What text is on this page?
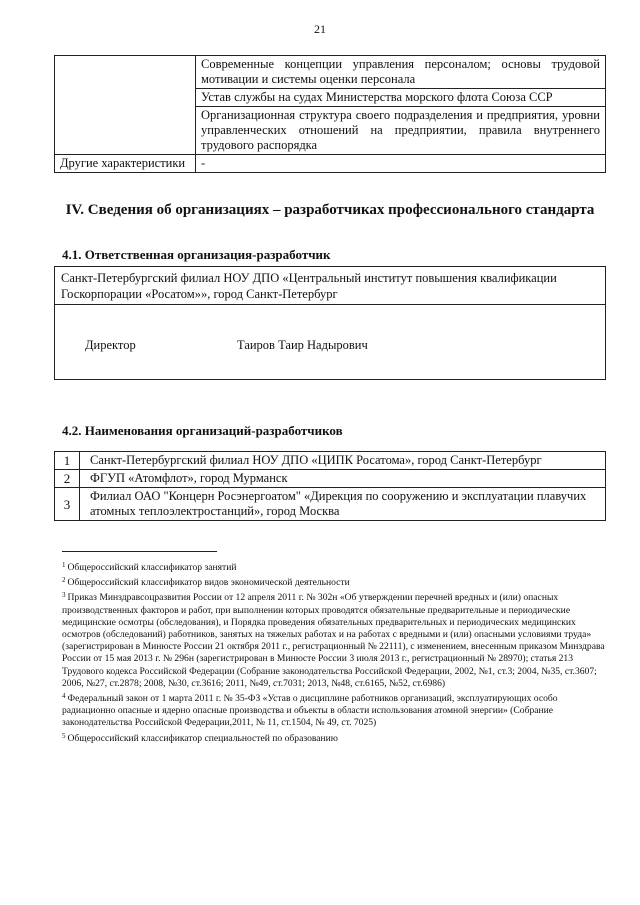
21
	Современные концепции управления персоналом; основы трудовой мотивации и системы оценки персонала
	Устав службы на судах Министерства морского флота Союза ССР
	Организационная структура своего подразделения и предприятия, уровни управленческих отношений на предприятии, правила внутреннего трудового распорядка
Другие характеристики	-
IV. Сведения об организациях – разработчиках профессионального стандарта
4.1. Ответственная организация-разработчик
Санкт-Петербургский филиал НОУ ДПО «Центральный институт повышения квалификации Госкорпорации «Росатом»», город Санкт-Петербург
Директор	Таиров Таир Надырович
4.2. Наименования организаций-разработчиков
1	Санкт-Петербургский филиал НОУ ДПО «ЦИПК Росатома», город Санкт-Петербург
2	ФГУП «Атомфлот», город Мурманск
3	Филиал ОАО "Концерн Росэнергоатом" «Дирекция по сооружению и эксплуатации плавучих атомных теплоэлектростанций», город Москва

$^1$ Общероссийский классификатор занятий

$^2$ Общероссийский классификатор видов экономической деятельности

$^3$ Приказ Минздравсоцразвития России от 12 апреля 2011 г. № 302н «Об утверждении перечней вредных и (или) опасных производственных факторов и работ, при выполнении которых проводятся обязательные предварительные и периодические медицинские осмотры (обследования), и Порядка проведения обязательных предварительных и периодических медицинских осмотров (обследований) работников, занятых на тяжелых работах и на работах с вредными и (или) опасными условиями труда» (зарегистрирован в Минюсте России 21 октября 2011 г., регистрационный № 22111), с изменением, внесенным приказом Минздрава России от 15 мая 2013 г. № 296н (зарегистрирован в Минюсте России 3 июля 2013 г., регистрационный № 28970); статья 213 Трудового кодекса Российской Федерации (Собрание законодательства Российской Федерации, 2002, №1, ст.3; 2004, №35, ст.3607; 2006, №27, ст.2878; 2008, №30, ст.3616; 2011, №49, ст.7031; 2013, №48, ст.6165, №52, ст.6986)

$^4$ Федеральный закон от 1 марта 2011 г. № 35-ФЗ «Устав о дисциплине работников организаций, эксплуатирующих особо радиационно опасные и ядерно опасные производства и объекты в области использования атомной энергии» (Собрание законодательства Российской Федерации,2011, № 11, ст.1504, № 49, ст. 7025)

$^5$ Общероссийский классификатор специальностей по образованию
